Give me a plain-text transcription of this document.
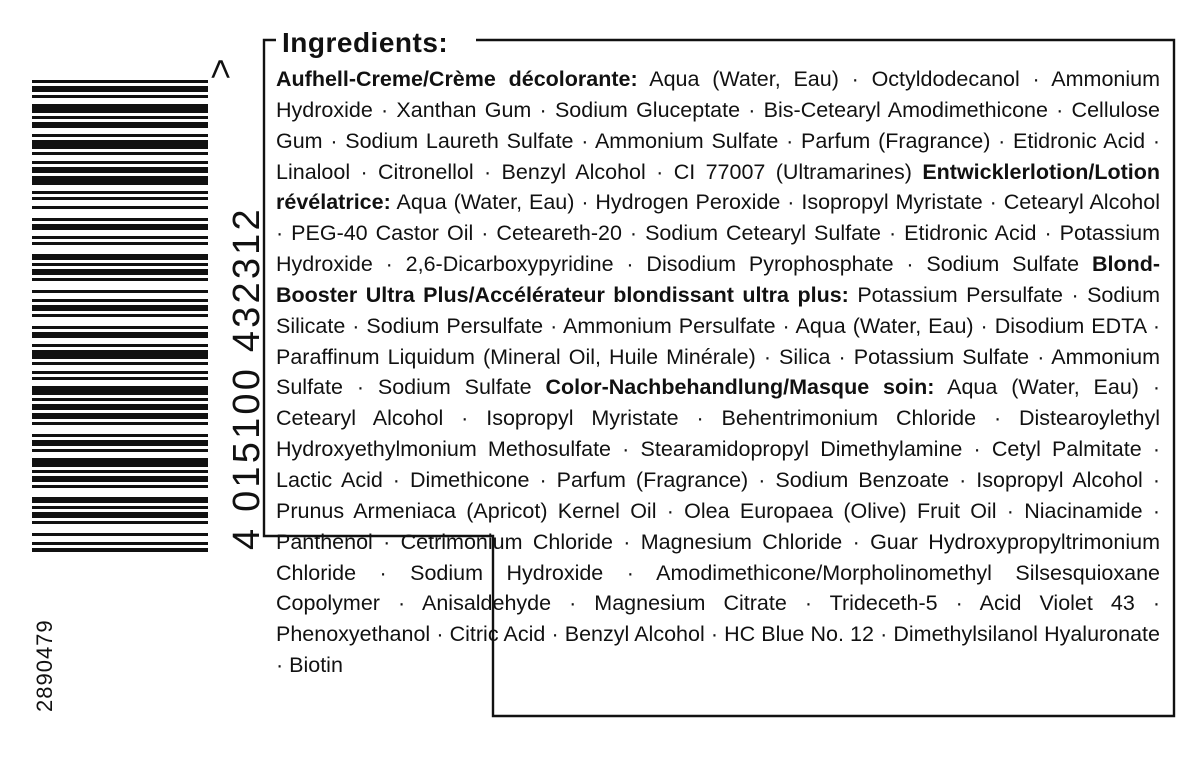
4 015100 432312
>
2890479
Ingredients:
Aufhell-Creme/Crème décolorante: Aqua (Water, Eau) · Octyldodecanol · Ammonium Hydroxide · Xanthan Gum · Sodium Gluceptate · Bis-Cetearyl Amodimethicone · Cellulose Gum · Sodium Laureth Sulfate · Ammonium Sulfate · Parfum (Fragrance) · Etidronic Acid · Linalool · Citronellol · Benzyl Alcohol · CI 77007 (Ultramarines) Entwicklerlotion/Lotion révélatrice: Aqua (Water, Eau) · Hydrogen Peroxide · Isopropyl Myristate · Cetearyl Alcohol · PEG-40 Castor Oil · Ceteareth-20 · Sodium Cetearyl Sulfate · Etidronic Acid · Potassium Hydroxide · 2,6-Dicarboxypyridine · Disodium Pyrophosphate · Sodium Sulfate Blond-Booster Ultra Plus/Accélérateur blondissant ultra plus: Potassium Persulfate · Sodium Silicate · Sodium Persulfate · Ammonium Persulfate · Aqua (Water, Eau) · Disodium EDTA · Paraffinum Liquidum (Mineral Oil, Huile Minérale) · Silica · Potassium Sulfate · Ammonium Sulfate · Sodium Sulfate Color-Nachbehandlung/Masque soin: Aqua (Water, Eau) · Cetearyl Alcohol · Isopropyl Myristate · Behentrimonium Chloride · Distearoylethyl Hydroxyethylmonium Methosulfate · Stearamidopropyl Dimethylamine · Cetyl Palmitate · Lactic Acid · Dimethicone · Parfum (Fragrance) · Sodium Benzoate · Isopropyl Alcohol · Prunus Armeniaca (Apricot) Kernel Oil · Olea Europaea (Olive) Fruit Oil · Niacinamide · Panthenol · Cetrimonium Chloride · Magnesium Chloride · Guar Hydroxypropyltrimonium Chloride · Sodium Hydroxide · Amodimethicone/Morpholinomethyl Silsesquioxane Copolymer · Anisaldehyde · Magnesium Citrate · Trideceth-5 · Acid Violet 43 · Phenoxyethanol · Citric Acid · Benzyl Alcohol · HC Blue No. 12 · Dimethylsilanol Hyaluronate · Biotin
